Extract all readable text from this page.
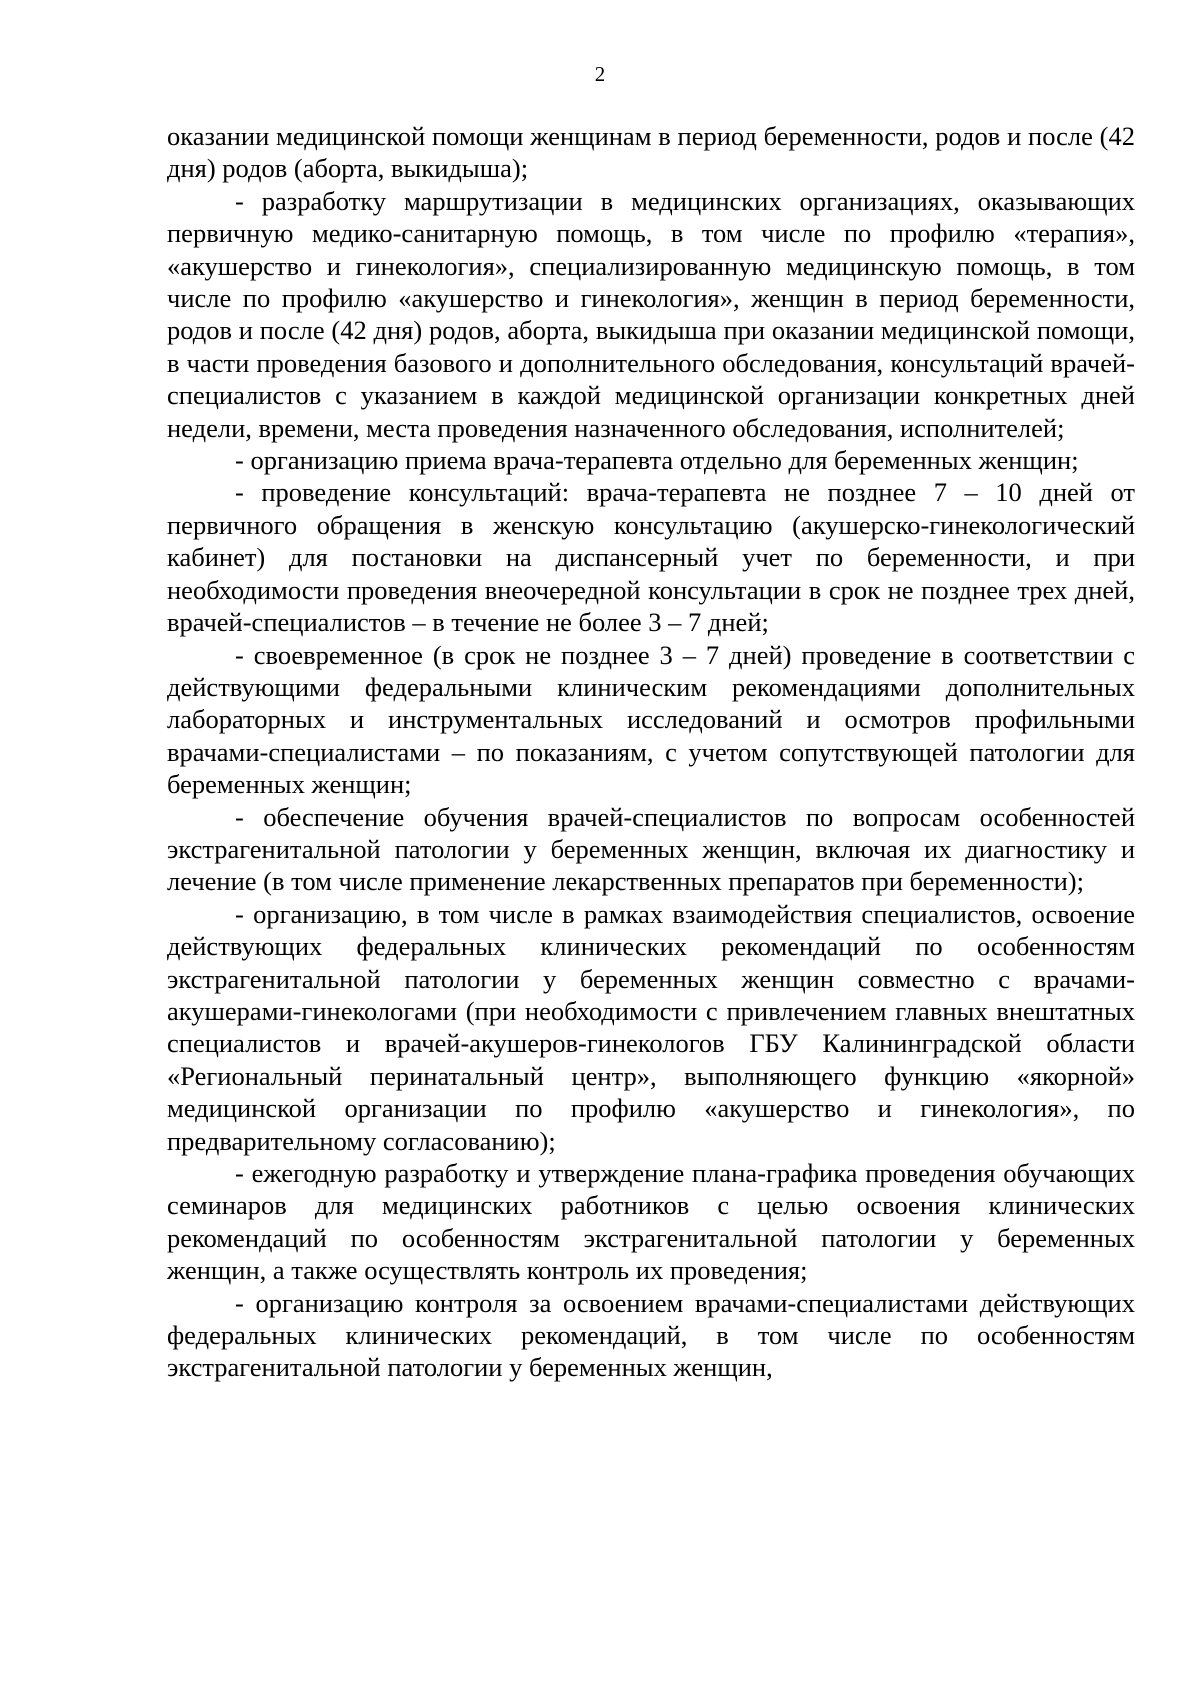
2

оказании медицинской помощи женщинам в период беременности, родов и после (42 дня) родов (аборта, выкидыша);

- разработку маршрутизации в медицинских организациях, оказывающих первичную медико-санитарную помощь, в том числе по профилю «терапия», «акушерство и гинекология», специализированную медицинскую помощь, в том числе по профилю «акушерство и гинекология», женщин в период беременности, родов и после (42 дня) родов, аборта, выкидыша при оказании медицинской помощи, в части проведения базового и дополнительного обследования, консультаций врачей-специалистов с указанием в каждой медицинской организации конкретных дней недели, времени, места проведения назначенного обследования, исполнителей;

- организацию приема врача-терапевта отдельно для беременных женщин;

- проведение консультаций: врача-терапевта не позднее 7 – 10 дней от первичного обращения в женскую консультацию (акушерско-гинекологический кабинет) для постановки на диспансерный учет по беременности, и при необходимости проведения внеочередной консультации в срок не позднее трех дней, врачей-специалистов – в течение не более 3 – 7 дней;

- своевременное (в срок не позднее 3 – 7 дней) проведение в соответствии с действующими федеральными клиническим рекомендациями дополнительных лабораторных и инструментальных исследований и осмотров профильными врачами-специалистами – по показаниям, с учетом сопутствующей патологии для беременных женщин;

- обеспечение обучения врачей-специалистов по вопросам особенностей экстрагенитальной патологии у беременных женщин, включая их диагностику и лечение (в том числе применение лекарственных препаратов при беременности);

- организацию, в том числе в рамках взаимодействия специалистов, освоение действующих федеральных клинических рекомендаций по особенностям экстрагенитальной патологии у беременных женщин совместно с врачами-акушерами-гинекологами (при необходимости с привлечением главных внештатных специалистов и врачей-акушеров-гинекологов ГБУ Калининградской области «Региональный перинатальный центр», выполняющего функцию «якорной» медицинской организации по профилю «акушерство и гинекология», по предварительному согласованию);

- ежегодную разработку и утверждение плана-графика проведения обучающих семинаров для медицинских работников с целью освоения клинических рекомендаций по особенностям экстрагенитальной патологии у беременных женщин, а также осуществлять контроль их проведения;

- организацию контроля за освоением врачами-специалистами действующих федеральных клинических рекомендаций, в том числе по особенностям экстрагенитальной патологии у беременных женщин,
